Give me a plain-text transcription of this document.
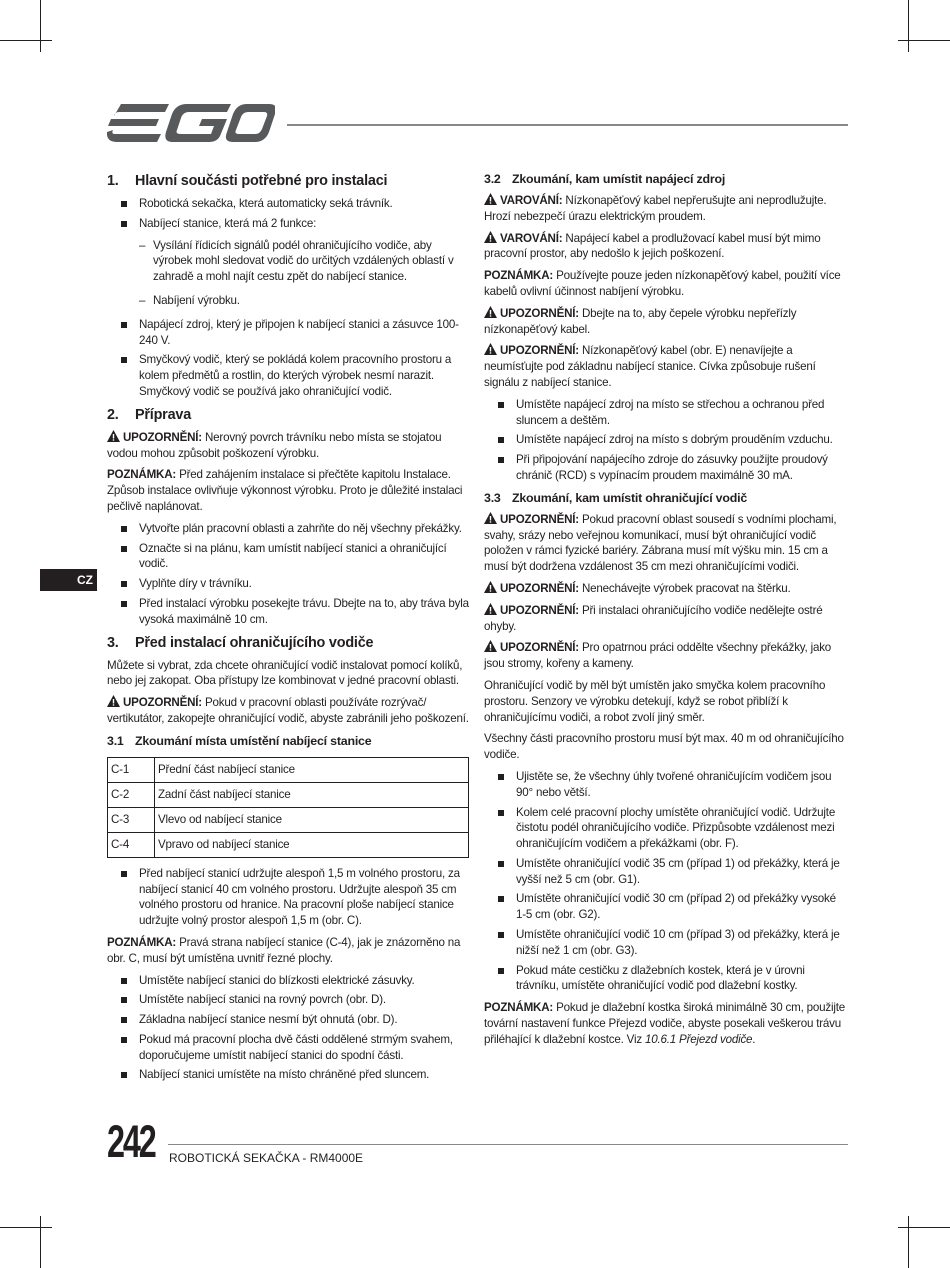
CZ
1. Hlavní součásti potřebné pro instalaci
Robotická sekačka, která automaticky seká trávník.
Nabíjecí stanice, která má 2 funkce:
– Vysílání řídicích signálů podél ohraničujícího vodiče, aby výrobek mohl sledovat vodič do určitých vzdálených oblastí v zahradě a mohl najít cestu zpět do nabíjecí stanice.
– Nabíjení výrobku.
Napájecí zdroj, který je připojen k nabíjecí stanici a zásuvce 100-240 V.
Smyčkový vodič, který se pokládá kolem pracovního prostoru a kolem předmětů a rostlin, do kterých výrobek nesmí narazit. Smyčkový vodič se používá jako ohraničující vodič.
2. Příprava

UPOZORNĚNÍ: Nerovný povrch trávníku nebo místa se stojatou vodou mohou způsobit poškození výrobku.

POZNÁMKA: Před zahájením instalace si přečtěte kapitolu Instalace. Způsob instalace ovlivňuje výkonnost výrobku. Proto je důležité instalaci pečlivě naplánovat.

Vytvořte plán pracovní oblasti a zahrňte do něj všechny překážky.
Označte si na plánu, kam umístit nabíjecí stanici a ohraničující vodič.
Vyplňte díry v trávníku.
Před instalací výrobku posekejte trávu. Dbejte na to, aby tráva byla vysoká maximálně 10 cm.
3. Před instalací ohraničujícího vodiče

Můžete si vybrat, zda chcete ohraničující vodič instalovat pomocí kolíků, nebo jej zakopat. Oba přístupy lze kombinovat v jedné pracovní oblasti.

UPOZORNĚNÍ: Pokud v pracovní oblasti používáte rozrývač/ vertikutátor, zakopejte ohraničující vodič, abyste zabránili jeho poškození.

3.1 Zkoumání místa umístění nabíjecí stanice
C-1	Přední část nabíjecí stanice
C-2	Zadní část nabíjecí stanice
C-3	Vlevo od nabíjecí stanice
C-4	Vpravo od nabíjecí stanice
Před nabíjecí stanicí udržujte alespoň 1,5 m volného prostoru, za nabíjecí stanicí 40 cm volného prostoru. Udržujte alespoň 35 cm volného prostoru od hranice. Na pracovní ploše nabíjecí stanice udržujte volný prostor alespoň 1,5 m (obr. C).

POZNÁMKA: Pravá strana nabíjecí stanice (C-4), jak je znázorněno na obr. C, musí být umístěna uvnitř řezné plochy.

Umístěte nabíjecí stanici do blízkosti elektrické zásuvky.
Umístěte nabíjecí stanici na rovný povrch (obr. D).
Základna nabíjecí stanice nesmí být ohnutá (obr. D).
Pokud má pracovní plocha dvě části oddělené strmým svahem, doporučujeme umístit nabíjecí stanici do spodní části.
Nabíjecí stanici umístěte na místo chráněné před sluncem.
3.2 Zkoumání, kam umístit napájecí zdroj

VAROVÁNÍ: Nízkonapěťový kabel nepřerušujte ani neprodlužujte. Hrozí nebezpečí úrazu elektrickým proudem.

VAROVÁNÍ: Napájecí kabel a prodlužovací kabel musí být mimo pracovní prostor, aby nedošlo k jejich poškození.

POZNÁMKA: Používejte pouze jeden nízkonapěťový kabel, použití více kabelů ovlivní účinnost nabíjení výrobku.

UPOZORNĚNÍ: Dbejte na to, aby čepele výrobku nepřeřízly nízkonapěťový kabel.

UPOZORNĚNÍ: Nízkonapěťový kabel (obr. E) nenavíjejte a neumísťujte pod základnu nabíjecí stanice. Cívka způsobuje rušení signálu z nabíjecí stanice.

Umístěte napájecí zdroj na místo se střechou a ochranou před sluncem a deštěm.
Umístěte napájecí zdroj na místo s dobrým prouděním vzduchu.
Při připojování napájecího zdroje do zásuvky použijte proudový chránič (RCD) s vypínacím proudem maximálně 30 mA.
3.3 Zkoumání, kam umístit ohraničující vodič

UPOZORNĚNÍ: Pokud pracovní oblast sousedí s vodními plochami, svahy, srázy nebo veřejnou komunikací, musí být ohraničující vodič položen v rámci fyzické bariéry. Zábrana musí mít výšku min. 15 cm a musí být dodržena vzdálenost 35 cm mezi ohraničujícími vodiči.

UPOZORNĚNÍ: Nenechávejte výrobek pracovat na štěrku.

UPOZORNĚNÍ: Při instalaci ohraničujícího vodiče nedělejte ostré ohyby.

UPOZORNĚNÍ: Pro opatrnou práci oddělte všechny překážky, jako jsou stromy, kořeny a kameny.

Ohraničující vodič by měl být umístěn jako smyčka kolem pracovního prostoru. Senzory ve výrobku detekují, když se robot přiblíží k ohraničujícímu vodiči, a robot zvolí jiný směr.

Všechny části pracovního prostoru musí být max. 40 m od ohraničujícího vodiče.

Ujistěte se, že všechny úhly tvořené ohraničujícím vodičem jsou 90° nebo větší.
Kolem celé pracovní plochy umístěte ohraničující vodič. Udržujte čistotu podél ohraničujícího vodiče. Přizpůsobte vzdálenost mezi ohraničujícím vodičem a překážkami (obr. F).
Umístěte ohraničující vodič 35 cm (případ 1) od překážky, která je vyšší než 5 cm (obr. G1).
Umístěte ohraničující vodič 30 cm (případ 2) od překážky vysoké 1-5 cm (obr. G2).
Umístěte ohraničující vodič 10 cm (případ 3) od překážky, která je nižší než 1 cm (obr. G3).
Pokud máte cestičku z dlažebních kostek, která je v úrovni trávníku, umístěte ohraničující vodič pod dlažební kostky.

POZNÁMKA: Pokud je dlažební kostka široká minimálně 30 cm, použijte tovární nastavení funkce Přejezd vodiče, abyste posekali veškerou trávu přiléhající k dlažební kostce. Viz 10.6.1 Přejezd vodiče.

242 ROBOTICKÁ SEKAČKA - RM4000E
